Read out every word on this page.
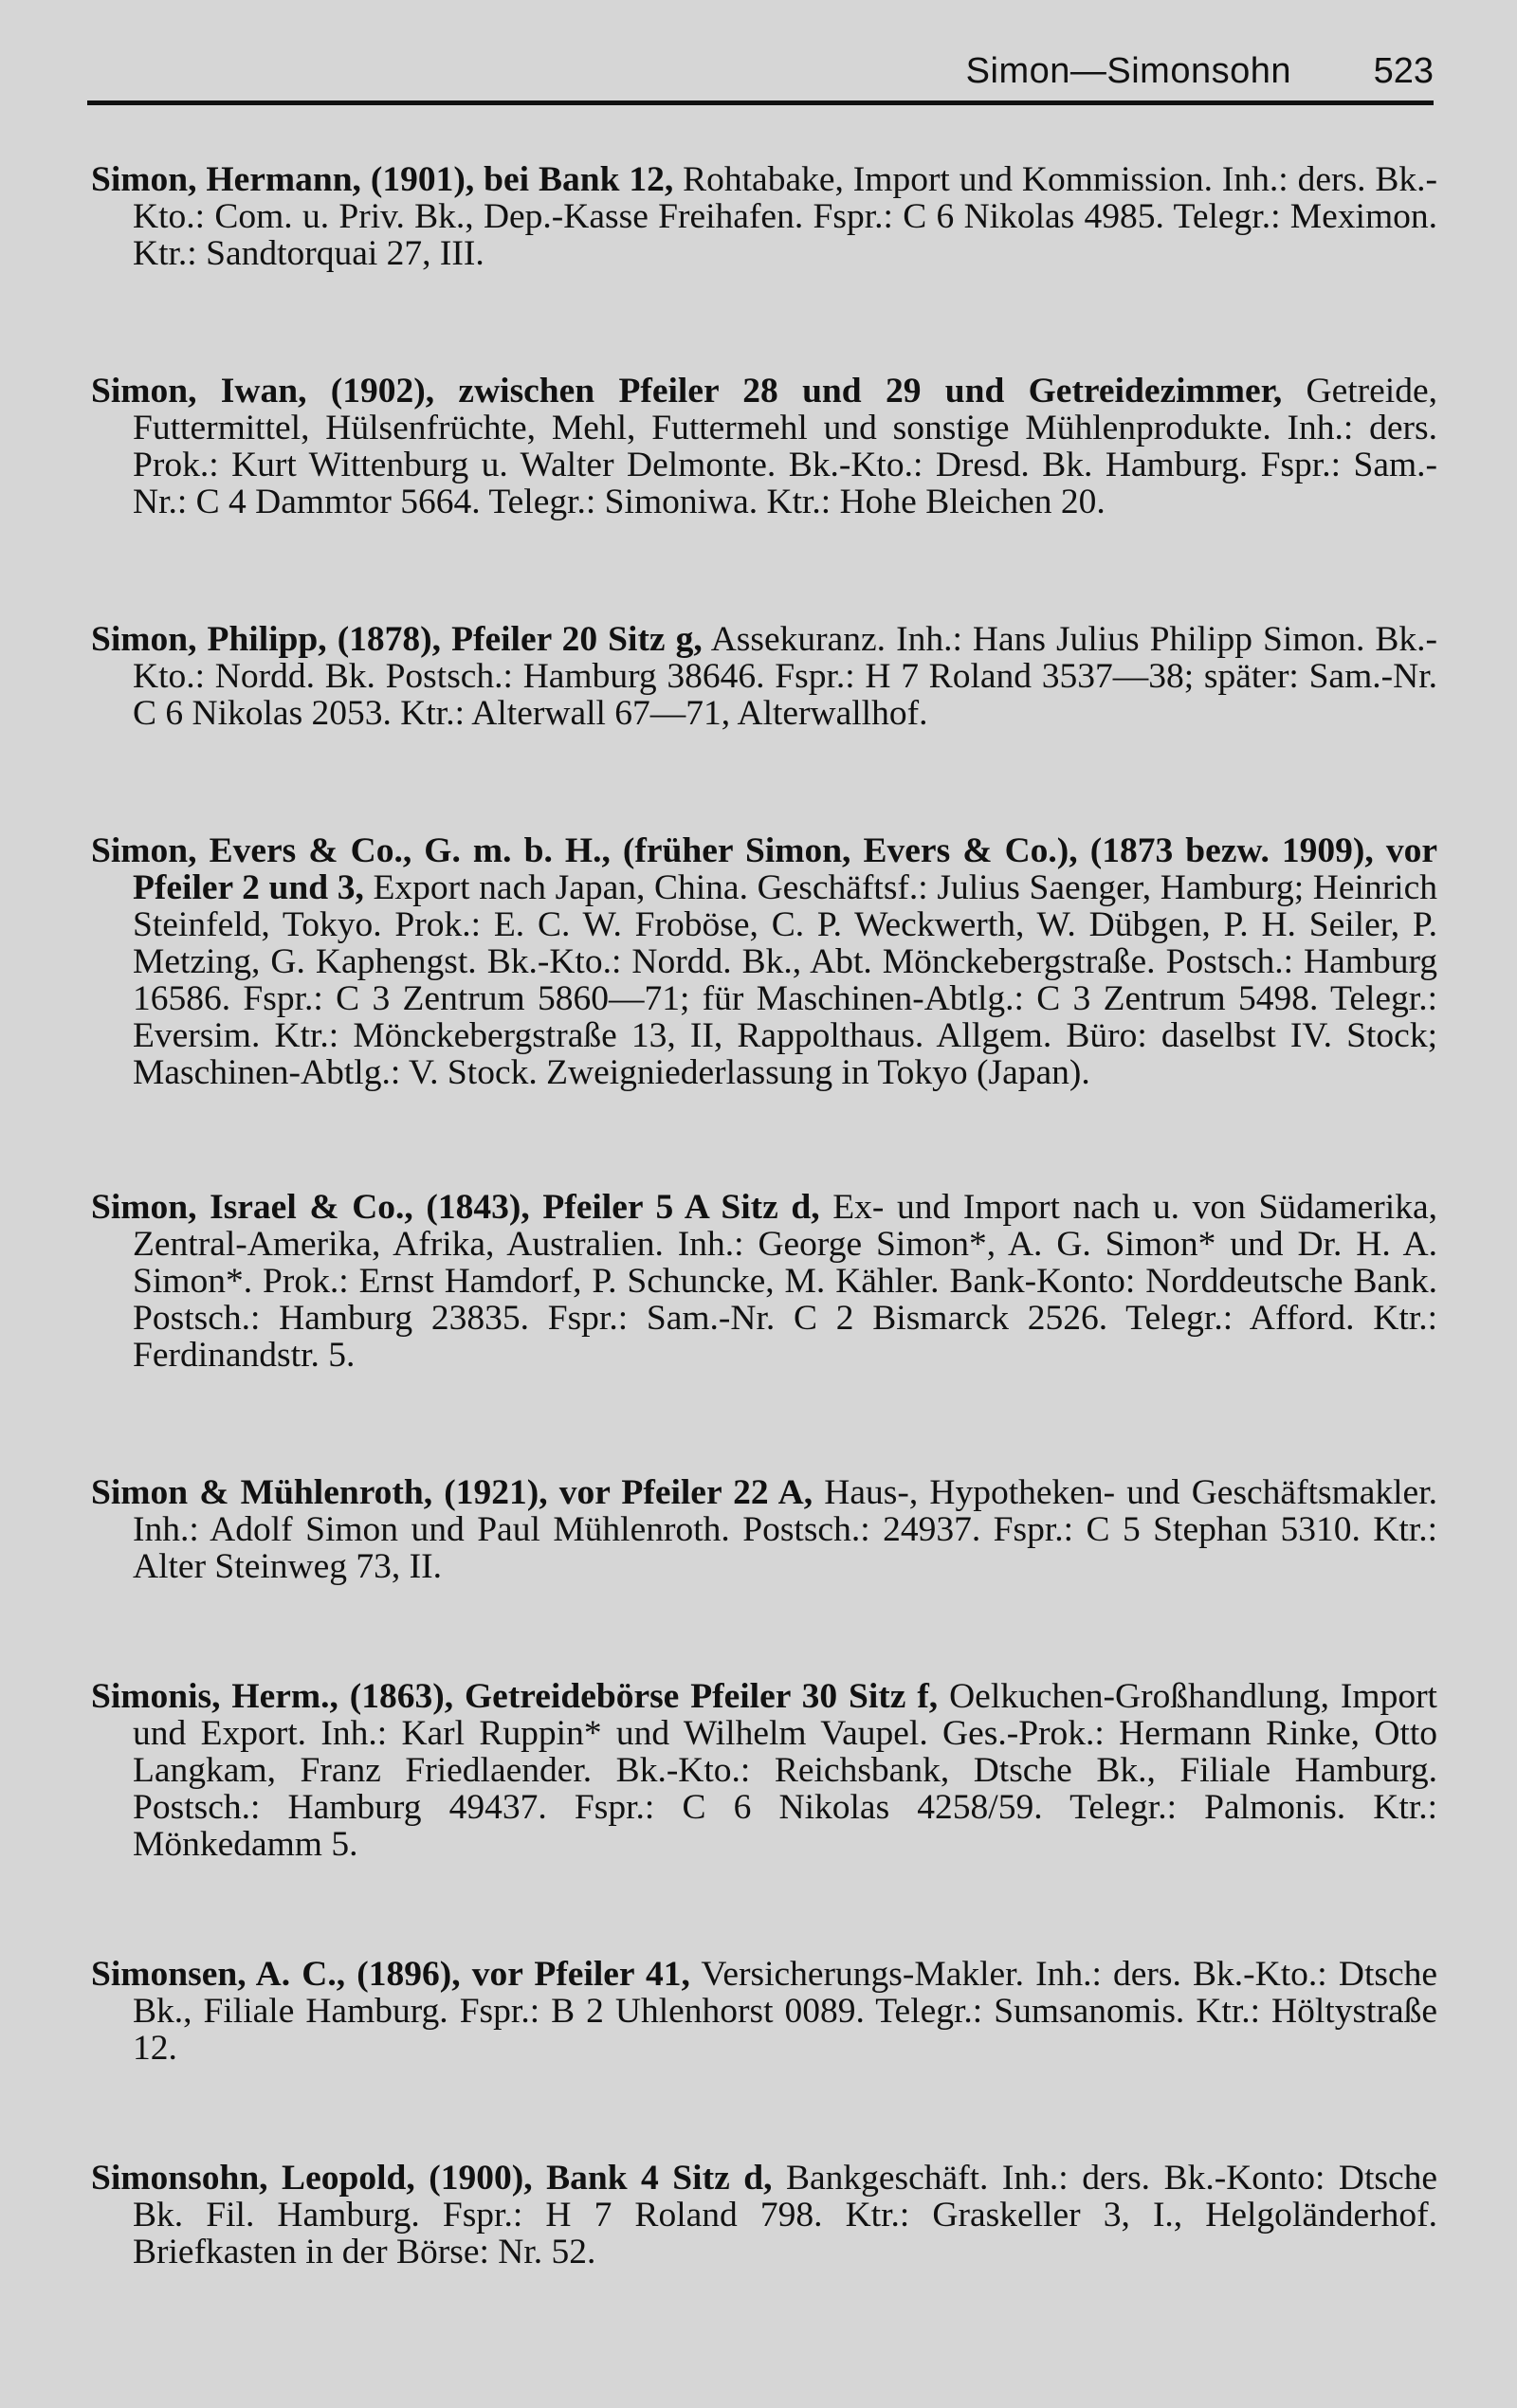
Simon—Simonsohn 523

Simon, Hermann, (1901), bei Bank 12, Rohtabake, Import und Kommission. Inh.: ders. Bk.-Kto.: Com. u. Priv. Bk., Dep.-Kasse Freihafen. Fspr.: C 6 Nikolas 4985. Telegr.: Meximon. Ktr.: Sandtorquai 27, III.

Simon, Iwan, (1902), zwischen Pfeiler 28 und 29 und Getreidezimmer, Getreide, Futtermittel, Hülsenfrüchte, Mehl, Futtermehl und sonstige Mühlenprodukte. Inh.: ders. Prok.: Kurt Wittenburg u. Walter Delmonte. Bk.-Kto.: Dresd. Bk. Hamburg. Fspr.: Sam.-Nr.: C 4 Dammtor 5664. Telegr.: Simoniwa. Ktr.: Hohe Bleichen 20.

Simon, Philipp, (1878), Pfeiler 20 Sitz g, Assekuranz. Inh.: Hans Julius Philipp Simon. Bk.-Kto.: Nordd. Bk. Postsch.: Hamburg 38646. Fspr.: H 7 Roland 3537—38; später: Sam.-Nr. C 6 Nikolas 2053. Ktr.: Alterwall 67—71, Alterwallhof.

Simon, Evers & Co., G. m. b. H., (früher Simon, Evers & Co.), (1873 bezw. 1909), vor Pfeiler 2 und 3, Export nach Japan, China. Geschäftsf.: Julius Saenger, Hamburg; Heinrich Steinfeld, Tokyo. Prok.: E. C. W. Froböse, C. P. Weckwerth, W. Dübgen, P. H. Seiler, P. Metzing, G. Kaphengst. Bk.-Kto.: Nordd. Bk., Abt. Mönckebergstraße. Postsch.: Hamburg 16586. Fspr.: C 3 Zentrum 5860—71; für Maschinen-Abtlg.: C 3 Zentrum 5498. Telegr.: Eversim. Ktr.: Mönckebergstraße 13, II, Rappolthaus. Allgem. Büro: daselbst IV. Stock; Maschinen-Abtlg.: V. Stock. Zweigniederlassung in Tokyo (Japan).

Simon, Israel & Co., (1843), Pfeiler 5 A Sitz d, Ex- und Import nach u. von Südamerika, Zentral-Amerika, Afrika, Australien. Inh.: George Simon*, A. G. Simon* und Dr. H. A. Simon*. Prok.: Ernst Hamdorf, P. Schuncke, M. Kähler. Bank-Konto: Norddeutsche Bank. Postsch.: Hamburg 23835. Fspr.: Sam.-Nr. C 2 Bismarck 2526. Telegr.: Afford. Ktr.: Ferdinandstr. 5.

Simon & Mühlenroth, (1921), vor Pfeiler 22 A, Haus-, Hypotheken- und Geschäftsmakler. Inh.: Adolf Simon und Paul Mühlenroth. Postsch.: 24937. Fspr.: C 5 Stephan 5310. Ktr.: Alter Steinweg 73, II.

Simonis, Herm., (1863), Getreidebörse Pfeiler 30 Sitz f, Oelkuchen-Großhandlung, Import und Export. Inh.: Karl Ruppin* und Wilhelm Vaupel. Ges.-Prok.: Hermann Rinke, Otto Langkam, Franz Friedlaender. Bk.-Kto.: Reichsbank, Dtsche Bk., Filiale Hamburg. Postsch.: Hamburg 49437. Fspr.: C 6 Nikolas 4258/59. Telegr.: Palmonis. Ktr.: Mönkedamm 5.

Simonsen, A. C., (1896), vor Pfeiler 41, Versicherungs-Makler. Inh.: ders. Bk.-Kto.: Dtsche Bk., Filiale Hamburg. Fspr.: B 2 Uhlenhorst 0089. Telegr.: Sumsanomis. Ktr.: Höltystraße 12.

Simonsohn, Leopold, (1900), Bank 4 Sitz d, Bankgeschäft. Inh.: ders. Bk.-Konto: Dtsche Bk. Fil. Hamburg. Fspr.: H 7 Roland 798. Ktr.: Graskeller 3, I., Helgoländerhof. Briefkasten in der Börse: Nr. 52.
